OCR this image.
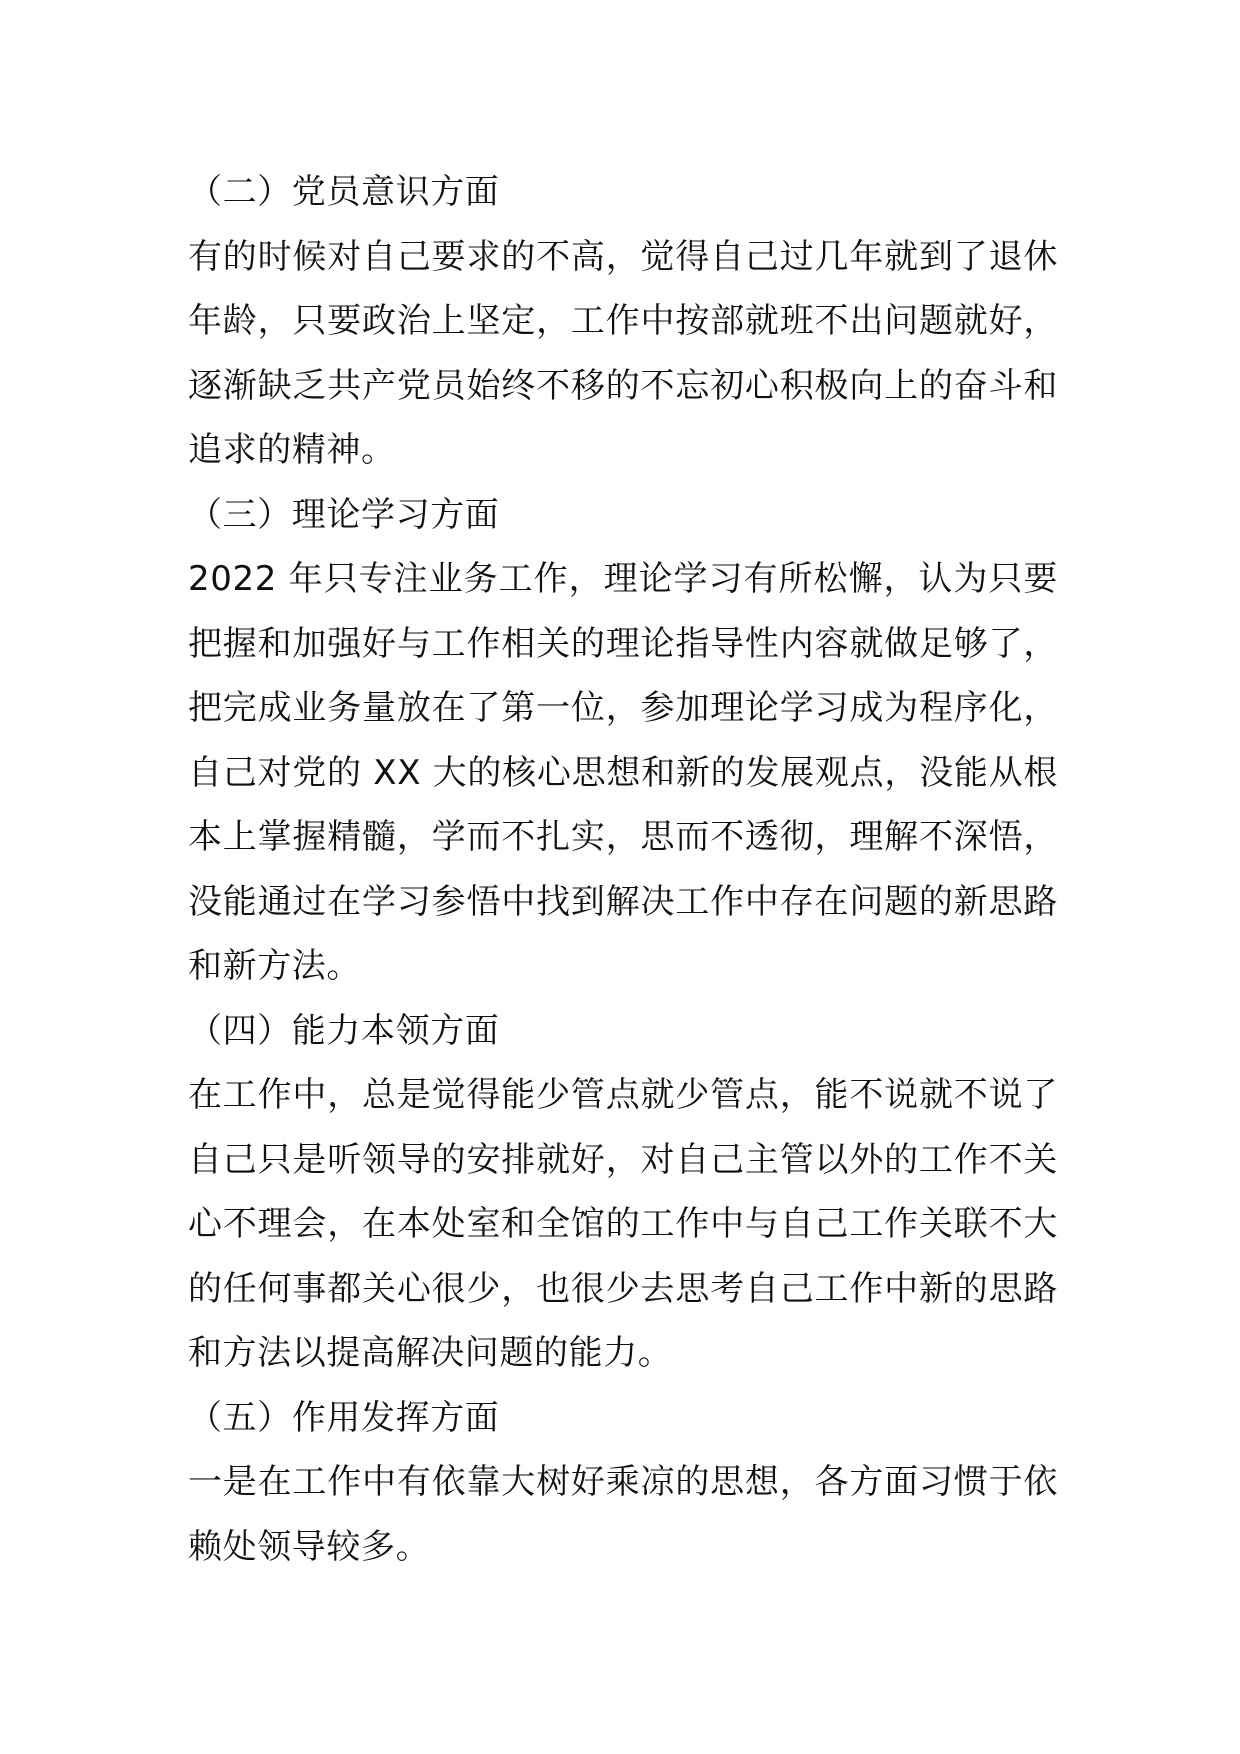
（二）党员意识方面

有的时候对自己要求的不高，觉得自己过几年就到了退休年龄，只要政治上坚定，工作中按部就班不出问题就好，逐渐缺乏共产党员始终不移的不忘初心积极向上的奋斗和追求的精神。

（三）理论学习方面

2022 年只专注业务工作，理论学习有所松懈，认为只要把握和加强好与工作相关的理论指导性内容就做足够了，把完成业务量放在了第一位，参加理论学习成为程序化，自己对党的 XX 大的核心思想和新的发展观点，没能从根本上掌握精髓，学而不扎实，思而不透彻，理解不深悟，没能通过在学习参悟中找到解决工作中存在问题的新思路和新方法。

（四）能力本领方面

在工作中，总是觉得能少管点就少管点，能不说就不说了自己只是听领导的安排就好，对自己主管以外的工作不关心不理会，在本处室和全馆的工作中与自己工作关联不大的任何事都关心很少，也很少去思考自己工作中新的思路和方法以提高解决问题的能力。

（五）作用发挥方面

一是在工作中有依靠大树好乘凉的思想，各方面习惯于依赖处领导较多。
